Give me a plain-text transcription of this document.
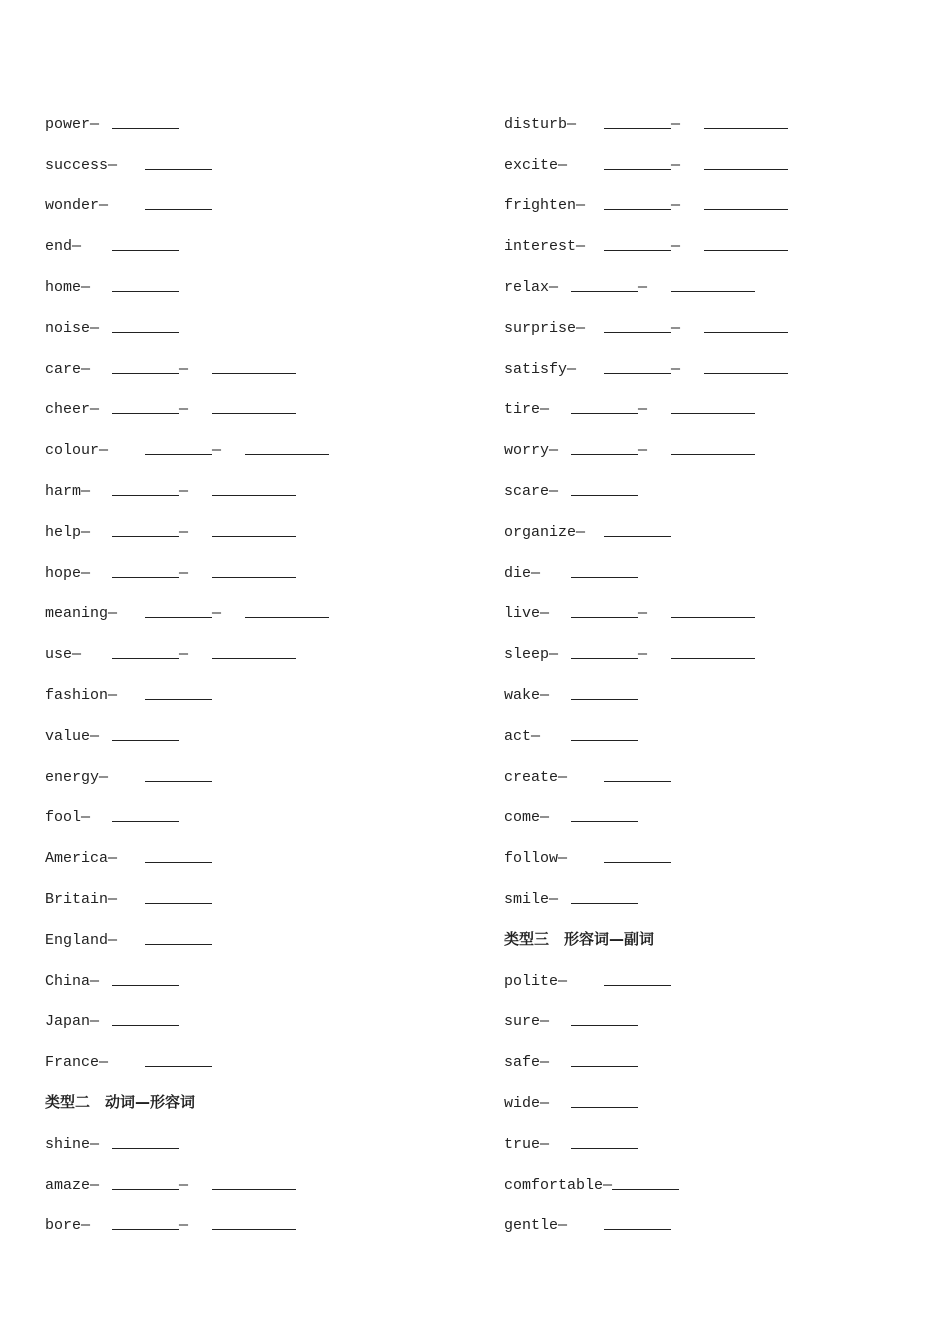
power—
success—
wonder—
end—
home—
noise—
care—	—
cheer—	—
colour—	—
harm—	—
help—	—
hope—	—
meaning—	—
use—	—
fashion—
value—
energy—
fool—
America—
Britain—
England—
China—
Japan—
France—
类型二　动词—形容词
shine—
amaze—	—
bore—	—
disturb—	—
excite—	—
frighten—	—
interest—	—
relax—	—
surprise—	—
satisfy—	—
tire—	—
worry—	—
scare—
organize—
die—
live—	—
sleep—	—
wake—
act—
create—
come—
follow—
smile—
类型三　形容词—副词
polite—
sure—
safe—
wide—
true—
comfortable—
gentle—
